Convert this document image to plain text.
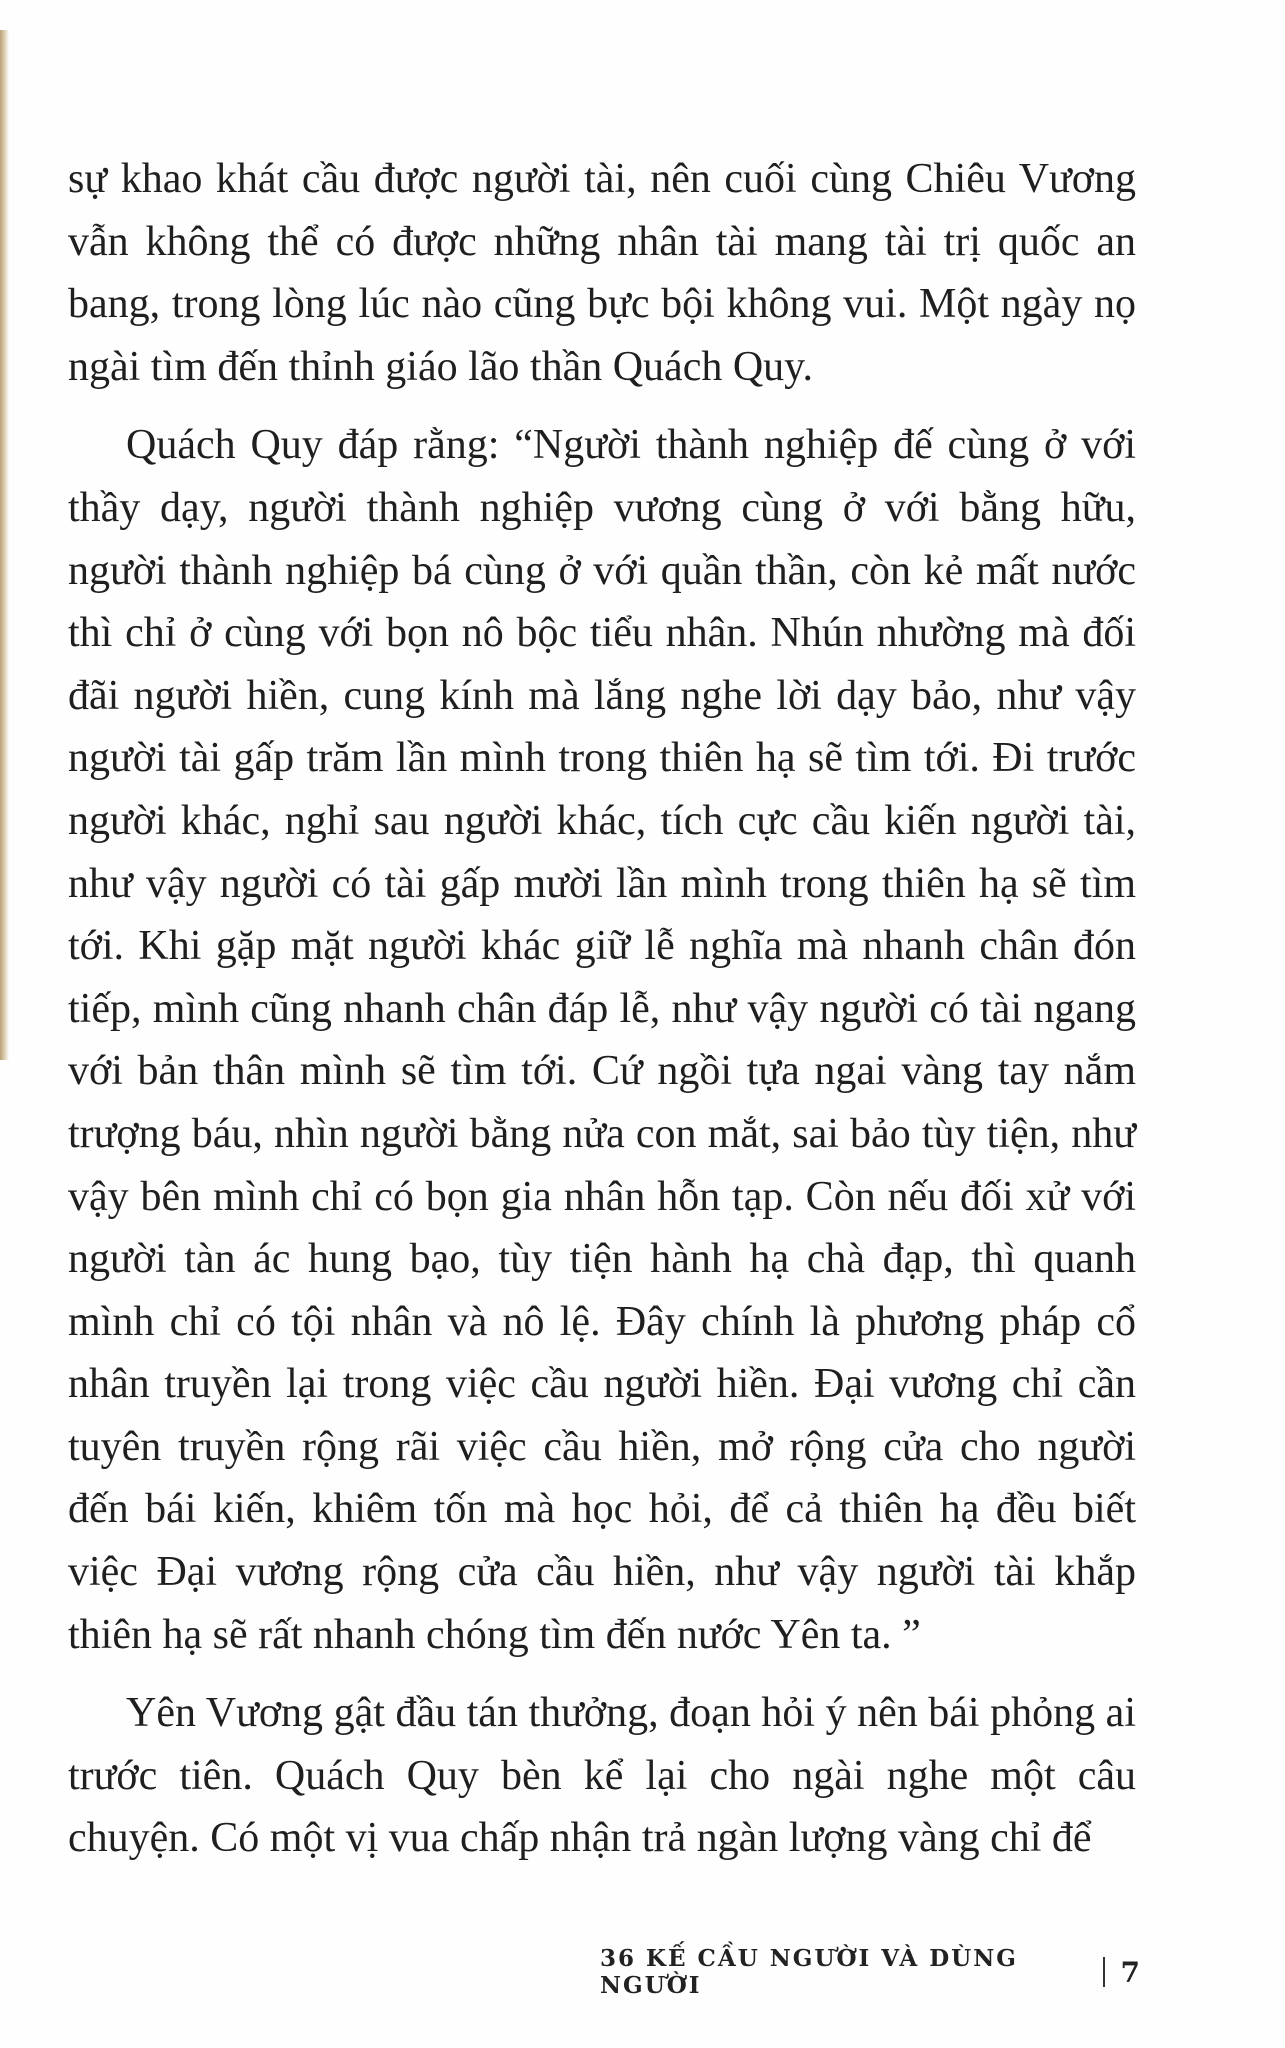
sự khao khát cầu được người tài, nên cuối cùng Chiêu Vương vẫn không thể có được những nhân tài mang tài trị quốc an bang, trong lòng lúc nào cũng bực bội không vui. Một ngày nọ ngài tìm đến thỉnh giáo lão thần Quách Quy.

Quách Quy đáp rằng: “Người thành nghiệp đế cùng ở với thầy dạy, người thành nghiệp vương cùng ở với bằng hữu, người thành nghiệp bá cùng ở với quần thần, còn kẻ mất nước thì chỉ ở cùng với bọn nô bộc tiểu nhân. Nhún nhường mà đối đãi người hiền, cung kính mà lắng nghe lời dạy bảo, như vậy người tài gấp trăm lần mình trong thiên hạ sẽ tìm tới. Đi trước người khác, nghỉ sau người khác, tích cực cầu kiến người tài, như vậy người có tài gấp mười lần mình trong thiên hạ sẽ tìm tới. Khi gặp mặt người khác giữ lễ nghĩa mà nhanh chân đón tiếp, mình cũng nhanh chân đáp lễ, như vậy người có tài ngang với bản thân mình sẽ tìm tới. Cứ ngồi tựa ngai vàng tay nắm trượng báu, nhìn người bằng nửa con mắt, sai bảo tùy tiện, như vậy bên mình chỉ có bọn gia nhân hỗn tạp. Còn nếu đối xử với người tàn ác hung bạo, tùy tiện hành hạ chà đạp, thì quanh mình chỉ có tội nhân và nô lệ. Đây chính là phương pháp cổ nhân truyền lại trong việc cầu người hiền. Đại vương chỉ cần tuyên truyền rộng rãi việc cầu hiền, mở rộng cửa cho người đến bái kiến, khiêm tốn mà học hỏi, để cả thiên hạ đều biết việc Đại vương rộng cửa cầu hiền, như vậy người tài khắp thiên hạ sẽ rất nhanh chóng tìm đến nước Yên ta. ”

Yên Vương gật đầu tán thưởng, đoạn hỏi ý nên bái phỏng ai trước tiên. Quách Quy bèn kể lại cho ngài nghe một câu chuyện. Có một vị vua chấp nhận trả ngàn lượng vàng chỉ để

36 KẾ CẦU NGƯỜI VÀ DÙNG NGƯỜI	7
